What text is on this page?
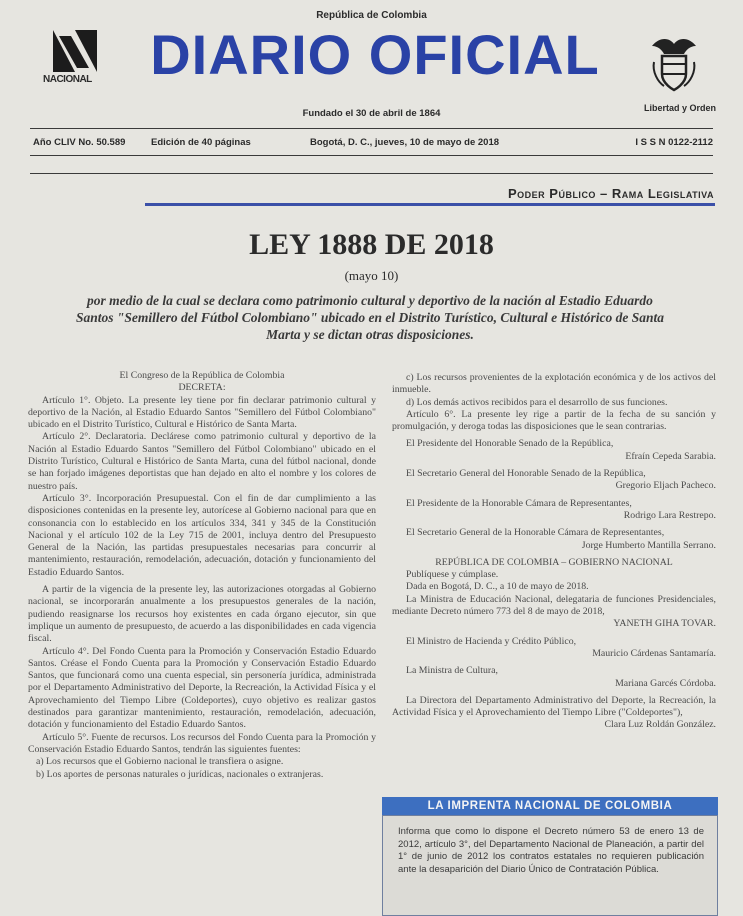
República de Colombia
NACIONAL	DIARIO OFICIAL
Libertad y Orden
Fundado el 30 de abril de 1864
Año CLIV No. 50.589	Edición de 40 páginas	Bogotá, D. C., jueves, 10 de mayo de 2018	I S S N 0122-2112
Poder Público – Rama Legislativa
LEY 1888 DE 2018
(mayo 10)
por medio de la cual se declara como patrimonio cultural y deportivo de la nación al Estadio Eduardo Santos "Semillero del Fútbol Colombiano" ubicado en el Distrito Turístico, Cultural e Histórico de Santa Marta y se dictan otras disposiciones.

El Congreso de la República de Colombia

DECRETA:

Artículo 1°. Objeto. La presente ley tiene por fin declarar patrimonio cultural y deportivo de la Nación, al Estadio Eduardo Santos "Semillero del Fútbol Colombiano" ubicado en el Distrito Turístico, Cultural e Histórico de Santa Marta.

Artículo 2°. Declaratoria. Declárese como patrimonio cultural y deportivo de la Nación al Estadio Eduardo Santos "Semillero del Fútbol Colombiano" ubicado en el Distrito Turístico, Cultural e Histórico de Santa Marta, cuna del fútbol nacional, donde se han forjado imágenes deportistas que han dejado en alto el nombre y los colores de nuestro país.

Artículo 3°. Incorporación Presupuestal. Con el fin de dar cumplimiento a las disposiciones contenidas en la presente ley, autorícese al Gobierno nacional para que en consonancia con lo establecido en los artículos 334, 341 y 345 de la Constitución Nacional y el artículo 102 de la Ley 715 de 2001, incluya dentro del Presupuesto General de la Nación, las partidas presupuestales necesarias para concurrir al mantenimiento, restauración, remodelación, adecuación, dotación y funcionamiento del Estadio Eduardo Santos.

A partir de la vigencia de la presente ley, las autorizaciones otorgadas al Gobierno nacional, se incorporarán anualmente a los presupuestos generales de la nación, pudiendo reasignarse los recursos hoy existentes en cada órgano ejecutor, sin que implique un aumento de presupuesto, de acuerdo a las disponibilidades en cada vigencia fiscal.

Artículo 4°. Del Fondo Cuenta para la Promoción y Conservación Estadio Eduardo Santos. Créase el Fondo Cuenta para la Promoción y Conservación Estadio Eduardo Santos, que funcionará como una cuenta especial, sin personería jurídica, administrada por el Departamento Administrativo del Deporte, la Recreación, la Actividad Física y el Aprovechamiento del Tiempo Libre (Coldeportes), cuyo objetivo es realizar gastos destinados para garantizar mantenimiento, restauración, remodelación, adecuación, dotación y funcionamiento del Estadio Eduardo Santos.

Artículo 5°. Fuente de recursos. Los recursos del Fondo Cuenta para la Promoción y Conservación Estadio Eduardo Santos, tendrán las siguientes fuentes:

a) Los recursos que el Gobierno nacional le transfiera o asigne.

b) Los aportes de personas naturales o jurídicas, nacionales o extranjeras.

c) Los recursos provenientes de la explotación económica y de los activos del inmueble.

d) Los demás activos recibidos para el desarrollo de sus funciones.

Artículo 6°. La presente ley rige a partir de la fecha de su sanción y promulgación, y deroga todas las disposiciones que le sean contrarias.

El Presidente del Honorable Senado de la República,

Efraín Cepeda Sarabia.

El Secretario General del Honorable Senado de la República,

Gregorio Eljach Pacheco.

El Presidente de la Honorable Cámara de Representantes,

Rodrigo Lara Restrepo.

El Secretario General de la Honorable Cámara de Representantes,

Jorge Humberto Mantilla Serrano.

REPÚBLICA DE COLOMBIA – GOBIERNO NACIONAL

Publíquese y cúmplase.

Dada en Bogotá, D. C., a 10 de mayo de 2018.

La Ministra de Educación Nacional, delegataria de funciones Presidenciales, mediante Decreto número 773 del 8 de mayo de 2018,

YANETH GIHA TOVAR.

El Ministro de Hacienda y Crédito Público,

Mauricio Cárdenas Santamaría.

La Ministra de Cultura,

Mariana Garcés Córdoba.

La Directora del Departamento Administrativo del Deporte, la Recreación, la Actividad Física y el Aprovechamiento del Tiempo Libre ("Coldeportes"),

Clara Luz Roldán González.

LA IMPRENTA NACIONAL DE COLOMBIA
Informa que como lo dispone el Decreto número 53 de enero 13 de 2012, artículo 3°, del Departamento Nacional de Planeación, a partir del 1° de junio de 2012 los contratos estatales no requieren publicación ante la desaparición del Diario Único de Contratación Pública.
